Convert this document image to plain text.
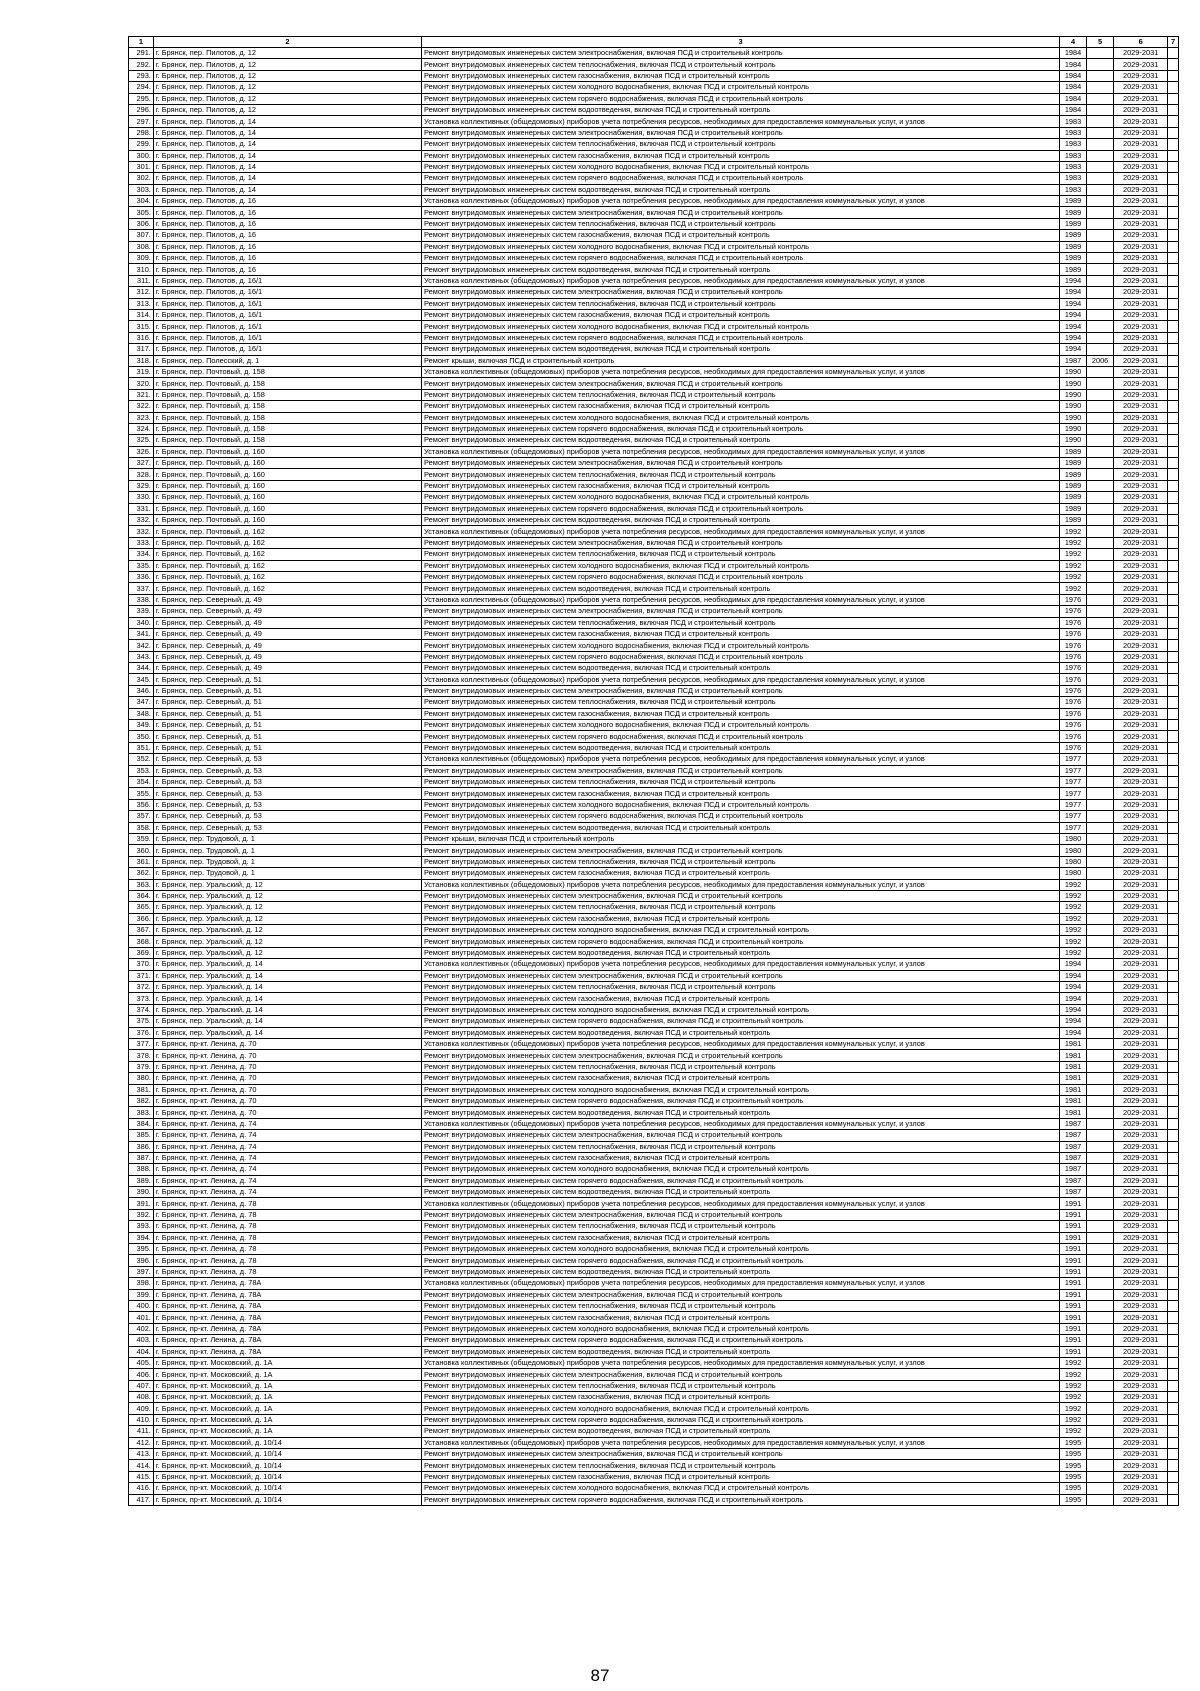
1	2	3	4	5	6	7
291.	г. Брянск, пер. Пилотов, д. 12	Ремонт внутридомовых инженерных систем электроснабжения, включая ПСД и строительный контроль	1984		2029-2031	
292.	г. Брянск, пер. Пилотов, д. 12	Ремонт внутридомовых инженерных систем теплоснабжения, включая ПСД и строительный контроль	1984		2029-2031	
293.	г. Брянск, пер. Пилотов, д. 12	Ремонт внутридомовых инженерных систем газоснабжения, включая ПСД и строительный контроль	1984		2029-2031	
294.	г. Брянск, пер. Пилотов, д. 12	Ремонт внутридомовых инженерных систем холодного водоснабжения, включая ПСД и строительный контроль	1984		2029-2031	
295.	г. Брянск, пер. Пилотов, д. 12	Ремонт внутридомовых инженерных систем горячего водоснабжения, включая ПСД и строительный контроль	1984		2029-2031	
296.	г. Брянск, пер. Пилотов, д. 12	Ремонт внутридомовых инженерных систем водоотведения, включая ПСД и строительный контроль	1984		2029-2031	
297.	г. Брянск, пер. Пилотов, д. 14	Установка коллективных (общедомовых) приборов учета потребления ресурсов, необходимых для предоставления коммунальных услуг, и узлов	1983		2029-2031	
298.	г. Брянск, пер. Пилотов, д. 14	Ремонт внутридомовых инженерных систем электроснабжения, включая ПСД и строительный контроль	1983		2029-2031	
299.	г. Брянск, пер. Пилотов, д. 14	Ремонт внутридомовых инженерных систем теплоснабжения, включая ПСД и строительный контроль	1983		2029-2031	
300.	г. Брянск, пер. Пилотов, д. 14	Ремонт внутридомовых инженерных систем газоснабжения, включая ПСД и строительный контроль	1983		2029-2031	
301.	г. Брянск, пер. Пилотов, д. 14	Ремонт внутридомовых инженерных систем холодного водоснабжения, включая ПСД и строительный контроль	1983		2029-2031	
302.	г. Брянск, пер. Пилотов, д. 14	Ремонт внутридомовых инженерных систем горячего водоснабжения, включая ПСД и строительный контроль	1983		2029-2031	
303.	г. Брянск, пер. Пилотов, д. 14	Ремонт внутридомовых инженерных систем водоотведения, включая ПСД и строительный контроль	1983		2029-2031	
304.	г. Брянск, пер. Пилотов, д. 16	Установка коллективных (общедомовых) приборов учета потребления ресурсов, необходимых для предоставления коммунальных услуг, и узлов	1989		2029-2031	
305.	г. Брянск, пер. Пилотов, д. 16	Ремонт внутридомовых инженерных систем электроснабжения, включая ПСД и строительный контроль	1989		2029-2031	
306.	г. Брянск, пер. Пилотов, д. 16	Ремонт внутридомовых инженерных систем теплоснабжения, включая ПСД и строительный контроль	1989		2029-2031	
307.	г. Брянск, пер. Пилотов, д. 16	Ремонт внутридомовых инженерных систем газоснабжения, включая ПСД и строительный контроль	1989		2029-2031	
308.	г. Брянск, пер. Пилотов, д. 16	Ремонт внутридомовых инженерных систем холодного водоснабжения, включая ПСД и строительный контроль	1989		2029-2031	
309.	г. Брянск, пер. Пилотов, д. 16	Ремонт внутридомовых инженерных систем горячего водоснабжения, включая ПСД и строительный контроль	1989		2029-2031	
310.	г. Брянск, пер. Пилотов, д. 16	Ремонт внутридомовых инженерных систем водоотведения, включая ПСД и строительный контроль	1989		2029-2031	
311.	г. Брянск, пер. Пилотов, д. 16/1	Установка коллективных (общедомовых) приборов учета потребления ресурсов, необходимых для предоставления коммунальных услуг, и узлов	1994		2029-2031	
312.	г. Брянск, пер. Пилотов, д. 16/1	Ремонт внутридомовых инженерных систем электроснабжения, включая ПСД и строительный контроль	1994		2029-2031	
313.	г. Брянск, пер. Пилотов, д. 16/1	Ремонт внутридомовых инженерных систем теплоснабжения, включая ПСД и строительный контроль	1994		2029-2031	
314.	г. Брянск, пер. Пилотов, д. 16/1	Ремонт внутридомовых инженерных систем газоснабжения, включая ПСД и строительный контроль	1994		2029-2031	
315.	г. Брянск, пер. Пилотов, д. 16/1	Ремонт внутридомовых инженерных систем холодного водоснабжения, включая ПСД и строительный контроль	1994		2029-2031	
316.	г. Брянск, пер. Пилотов, д. 16/1	Ремонт внутридомовых инженерных систем горячего водоснабжения, включая ПСД и строительный контроль	1994		2029-2031	
317.	г. Брянск, пер. Пилотов, д. 16/1	Ремонт внутридомовых инженерных систем водоотведения, включая ПСД и строительный контроль	1994		2029-2031	
318.	г. Брянск, пер. Полесский, д. 1	Ремонт крыши, включая ПСД и строительный контроль	1987	2006	2029-2031	
319.	г. Брянск, пер. Почтовый, д. 158	Установка коллективных (общедомовых) приборов учета потребления ресурсов, необходимых для предоставления коммунальных услуг, и узлов	1990		2029-2031	
320.	г. Брянск, пер. Почтовый, д. 158	Ремонт внутридомовых инженерных систем электроснабжения, включая ПСД и строительный контроль	1990		2029-2031	
321.	г. Брянск, пер. Почтовый, д. 158	Ремонт внутридомовых инженерных систем теплоснабжения, включая ПСД и строительный контроль	1990		2029-2031	
322.	г. Брянск, пер. Почтовый, д. 158	Ремонт внутридомовых инженерных систем газоснабжения, включая ПСД и строительный контроль	1990		2029-2031	
323.	г. Брянск, пер. Почтовый, д. 158	Ремонт внутридомовых инженерных систем холодного водоснабжения, включая ПСД и строительный контроль	1990		2029-2031	
324.	г. Брянск, пер. Почтовый, д. 158	Ремонт внутридомовых инженерных систем горячего водоснабжения, включая ПСД и строительный контроль	1990		2029-2031	
325.	г. Брянск, пер. Почтовый, д. 158	Ремонт внутридомовых инженерных систем водоотведения, включая ПСД и строительный контроль	1990		2029-2031	
326.	г. Брянск, пер. Почтовый, д. 160	Установка коллективных (общедомовых) приборов учета потребления ресурсов, необходимых для предоставления коммунальных услуг, и узлов	1989		2029-2031	
327.	г. Брянск, пер. Почтовый, д. 160	Ремонт внутридомовых инженерных систем электроснабжения, включая ПСД и строительный контроль	1989		2029-2031	
328.	г. Брянск, пер. Почтовый, д. 160	Ремонт внутридомовых инженерных систем теплоснабжения, включая ПСД и строительный контроль	1989		2029-2031	
329.	г. Брянск, пер. Почтовый, д. 160	Ремонт внутридомовых инженерных систем газоснабжения, включая ПСД и строительный контроль	1989		2029-2031	
330.	г. Брянск, пер. Почтовый, д. 160	Ремонт внутридомовых инженерных систем холодного водоснабжения, включая ПСД и строительный контроль	1989		2029-2031	
331.	г. Брянск, пер. Почтовый, д. 160	Ремонт внутридомовых инженерных систем горячего водоснабжения, включая ПСД и строительный контроль	1989		2029-2031	
332.	г. Брянск, пер. Почтовый, д. 160	Ремонт внутридомовых инженерных систем водоотведения, включая ПСД и строительный контроль	1989		2029-2031	
332.	г. Брянск, пер. Почтовый, д. 162	Установка коллективных (общедомовых) приборов учета потребления ресурсов, необходимых для предоставления коммунальных услуг, и узлов	1992		2029-2031	
333.	г. Брянск, пер. Почтовый, д. 162	Ремонт внутридомовых инженерных систем электроснабжения, включая ПСД и строительный контроль	1992		2029-2031	
334.	г. Брянск, пер. Почтовый, д. 162	Ремонт внутридомовых инженерных систем теплоснабжения, включая ПСД и строительный контроль	1992		2029-2031	
335.	г. Брянск, пер. Почтовый, д. 162	Ремонт внутридомовых инженерных систем холодного водоснабжения, включая ПСД и строительный контроль	1992		2029-2031	
336.	г. Брянск, пер. Почтовый, д. 162	Ремонт внутридомовых инженерных систем горячего водоснабжения, включая ПСД и строительный контроль	1992		2029-2031	
337.	г. Брянск, пер. Почтовый, д. 162	Ремонт внутридомовых инженерных систем водоотведения, включая ПСД и строительный контроль	1992		2029-2031	
338.	г. Брянск, пер. Северный, д. 49	Установка коллективных (общедомовых) приборов учета потребления ресурсов, необходимых для предоставления коммунальных услуг, и узлов	1976		2029-2031	
339.	г. Брянск, пер. Северный, д. 49	Ремонт внутридомовых инженерных систем электроснабжения, включая ПСД и строительный контроль	1976		2029-2031	
340.	г. Брянск, пер. Северный, д. 49	Ремонт внутридомовых инженерных систем теплоснабжения, включая ПСД и строительный контроль	1976		2029-2031	
341.	г. Брянск, пер. Северный, д. 49	Ремонт внутридомовых инженерных систем газоснабжения, включая ПСД и строительный контроль	1976		2029-2031	
342.	г. Брянск, пер. Северный, д. 49	Ремонт внутридомовых инженерных систем холодного водоснабжения, включая ПСД и строительный контроль	1976		2029-2031	
343.	г. Брянск, пер. Северный, д. 49	Ремонт внутридомовых инженерных систем горячего водоснабжения, включая ПСД и строительный контроль	1976		2029-2031	
344.	г. Брянск, пер. Северный, д. 49	Ремонт внутридомовых инженерных систем водоотведения, включая ПСД и строительный контроль	1976		2029-2031	
345.	г. Брянск, пер. Северный, д. 51	Установка коллективных (общедомовых) приборов учета потребления ресурсов, необходимых для предоставления коммунальных услуг, и узлов	1976		2029-2031	
346.	г. Брянск, пер. Северный, д. 51	Ремонт внутридомовых инженерных систем электроснабжения, включая ПСД и строительный контроль	1976		2029-2031	
347.	г. Брянск, пер. Северный, д. 51	Ремонт внутридомовых инженерных систем теплоснабжения, включая ПСД и строительный контроль	1976		2029-2031	
348.	г. Брянск, пер. Северный, д. 51	Ремонт внутридомовых инженерных систем газоснабжения, включая ПСД и строительный контроль	1976		2029-2031	
349.	г. Брянск, пер. Северный, д. 51	Ремонт внутридомовых инженерных систем холодного водоснабжения, включая ПСД и строительный контроль	1976		2029-2031	
350.	г. Брянск, пер. Северный, д. 51	Ремонт внутридомовых инженерных систем горячего водоснабжения, включая ПСД и строительный контроль	1976		2029-2031	
351.	г. Брянск, пер. Северный, д. 51	Ремонт внутридомовых инженерных систем водоотведения, включая ПСД и строительный контроль	1976		2029-2031	
352.	г. Брянск, пер. Северный, д. 53	Установка коллективных (общедомовых) приборов учета потребления ресурсов, необходимых для предоставления коммунальных услуг, и узлов	1977		2029-2031	
353.	г. Брянск, пер. Северный, д. 53	Ремонт внутридомовых инженерных систем электроснабжения, включая ПСД и строительный контроль	1977		2029-2031	
354.	г. Брянск, пер. Северный, д. 53	Ремонт внутридомовых инженерных систем теплоснабжения, включая ПСД и строительный контроль	1977		2029-2031	
355.	г. Брянск, пер. Северный, д. 53	Ремонт внутридомовых инженерных систем газоснабжения, включая ПСД и строительный контроль	1977		2029-2031	
356.	г. Брянск, пер. Северный, д. 53	Ремонт внутридомовых инженерных систем холодного водоснабжения, включая ПСД и строительный контроль	1977		2029-2031	
357.	г. Брянск, пер. Северный, д. 53	Ремонт внутридомовых инженерных систем горячего водоснабжения, включая ПСД и строительный контроль	1977		2029-2031	
358.	г. Брянск, пер. Северный, д. 53	Ремонт внутридомовых инженерных систем водоотведения, включая ПСД и строительный контроль	1977		2029-2031	
359.	г. Брянск, пер. Трудовой, д. 1	Ремонт крыши, включая ПСД и строительный контроль	1980		2029-2031	
360.	г. Брянск, пер. Трудовой, д. 1	Ремонт внутридомовых инженерных систем электроснабжения, включая ПСД и строительный контроль	1980		2029-2031	
361.	г. Брянск, пер. Трудовой, д. 1	Ремонт внутридомовых инженерных систем теплоснабжения, включая ПСД и строительный контроль	1980		2029-2031	
362.	г. Брянск, пер. Трудовой, д. 1	Ремонт внутридомовых инженерных систем газоснабжения, включая ПСД и строительный контроль	1980		2029-2031	
363.	г. Брянск, пер. Уральский, д. 12	Установка коллективных (общедомовых) приборов учета потребления ресурсов, необходимых для предоставления коммунальных услуг, и узлов	1992		2029-2031	
364.	г. Брянск, пер. Уральский, д. 12	Ремонт внутридомовых инженерных систем электроснабжения, включая ПСД и строительный контроль	1992		2029-2031	
365.	г. Брянск, пер. Уральский, д. 12	Ремонт внутридомовых инженерных систем теплоснабжения, включая ПСД и строительный контроль	1992		2029-2031	
366.	г. Брянск, пер. Уральский, д. 12	Ремонт внутридомовых инженерных систем газоснабжения, включая ПСД и строительный контроль	1992		2029-2031	
367.	г. Брянск, пер. Уральский, д. 12	Ремонт внутридомовых инженерных систем холодного водоснабжения, включая ПСД и строительный контроль	1992		2029-2031	
368.	г. Брянск, пер. Уральский, д. 12	Ремонт внутридомовых инженерных систем горячего водоснабжения, включая ПСД и строительный контроль	1992		2029-2031	
369.	г. Брянск, пер. Уральский, д. 12	Ремонт внутридомовых инженерных систем водоотведения, включая ПСД и строительный контроль	1992		2029-2031	
370.	г. Брянск, пер. Уральский, д. 14	Установка коллективных (общедомовых) приборов учета потребления ресурсов, необходимых для предоставления коммунальных услуг, и узлов	1994		2029-2031	
371.	г. Брянск, пер. Уральский, д. 14	Ремонт внутридомовых инженерных систем электроснабжения, включая ПСД и строительный контроль	1994		2029-2031	
372.	г. Брянск, пер. Уральский, д. 14	Ремонт внутридомовых инженерных систем теплоснабжения, включая ПСД и строительный контроль	1994		2029-2031	
373.	г. Брянск, пер. Уральский, д. 14	Ремонт внутридомовых инженерных систем газоснабжения, включая ПСД и строительный контроль	1994		2029-2031	
374.	г. Брянск, пер. Уральский, д. 14	Ремонт внутридомовых инженерных систем холодного водоснабжения, включая ПСД и строительный контроль	1994		2029-2031	
375.	г. Брянск, пер. Уральский, д. 14	Ремонт внутридомовых инженерных систем горячего водоснабжения, включая ПСД и строительный контроль	1994		2029-2031	
376.	г. Брянск, пер. Уральский, д. 14	Ремонт внутридомовых инженерных систем водоотведения, включая ПСД и строительный контроль	1994		2029-2031	
377.	г. Брянск, пр-кт. Ленина, д. 70	Установка коллективных (общедомовых) приборов учета потребления ресурсов, необходимых для предоставления коммунальных услуг, и узлов	1981		2029-2031	
378.	г. Брянск, пр-кт. Ленина, д. 70	Ремонт внутридомовых инженерных систем электроснабжения, включая ПСД и строительный контроль	1981		2029-2031	
379.	г. Брянск, пр-кт. Ленина, д. 70	Ремонт внутридомовых инженерных систем теплоснабжения, включая ПСД и строительный контроль	1981		2029-2031	
380.	г. Брянск, пр-кт. Ленина, д. 70	Ремонт внутридомовых инженерных систем газоснабжения, включая ПСД и строительный контроль	1981		2029-2031	
381.	г. Брянск, пр-кт. Ленина, д. 70	Ремонт внутридомовых инженерных систем холодного водоснабжения, включая ПСД и строительный контроль	1981		2029-2031	
382.	г. Брянск, пр-кт. Ленина, д. 70	Ремонт внутридомовых инженерных систем горячего водоснабжения, включая ПСД и строительный контроль	1981		2029-2031	
383.	г. Брянск, пр-кт. Ленина, д. 70	Ремонт внутридомовых инженерных систем водоотведения, включая ПСД и строительный контроль	1981		2029-2031	
384.	г. Брянск, пр-кт. Ленина, д. 74	Установка коллективных (общедомовых) приборов учета потребления ресурсов, необходимых для предоставления коммунальных услуг, и узлов	1987		2029-2031	
385.	г. Брянск, пр-кт. Ленина, д. 74	Ремонт внутридомовых инженерных систем электроснабжения, включая ПСД и строительный контроль	1987		2029-2031	
386.	г. Брянск, пр-кт. Ленина, д. 74	Ремонт внутридомовых инженерных систем теплоснабжения, включая ПСД и строительный контроль	1987		2029-2031	
387.	г. Брянск, пр-кт. Ленина, д. 74	Ремонт внутридомовых инженерных систем газоснабжения, включая ПСД и строительный контроль	1987		2029-2031	
388.	г. Брянск, пр-кт. Ленина, д. 74	Ремонт внутридомовых инженерных систем холодного водоснабжения, включая ПСД и строительный контроль	1987		2029-2031	
389.	г. Брянск, пр-кт. Ленина, д. 74	Ремонт внутридомовых инженерных систем горячего водоснабжения, включая ПСД и строительный контроль	1987		2029-2031	
390.	г. Брянск, пр-кт. Ленина, д. 74	Ремонт внутридомовых инженерных систем водоотведения, включая ПСД и строительный контроль	1987		2029-2031	
391.	г. Брянск, пр-кт. Ленина, д. 78	Установка коллективных (общедомовых) приборов учета потребления ресурсов, необходимых для предоставления коммунальных услуг, и узлов	1991		2029-2031	
392.	г. Брянск, пр-кт. Ленина, д. 78	Ремонт внутридомовых инженерных систем электроснабжения, включая ПСД и строительный контроль	1991		2029-2031	
393.	г. Брянск, пр-кт. Ленина, д. 78	Ремонт внутридомовых инженерных систем теплоснабжения, включая ПСД и строительный контроль	1991		2029-2031	
394.	г. Брянск, пр-кт. Ленина, д. 78	Ремонт внутридомовых инженерных систем газоснабжения, включая ПСД и строительный контроль	1991		2029-2031	
395.	г. Брянск, пр-кт. Ленина, д. 78	Ремонт внутридомовых инженерных систем холодного водоснабжения, включая ПСД и строительный контроль	1991		2029-2031	
396.	г. Брянск, пр-кт. Ленина, д. 78	Ремонт внутридомовых инженерных систем горячего водоснабжения, включая ПСД и строительный контроль	1991		2029-2031	
397.	г. Брянск, пр-кт. Ленина, д. 78	Ремонт внутридомовых инженерных систем водоотведения, включая ПСД и строительный контроль	1991		2029-2031	
398.	г. Брянск, пр-кт. Ленина, д. 78А	Установка коллективных (общедомовых) приборов учета потребления ресурсов, необходимых для предоставления коммунальных услуг, и узлов	1991		2029-2031	
399.	г. Брянск, пр-кт. Ленина, д. 78А	Ремонт внутридомовых инженерных систем электроснабжения, включая ПСД и строительный контроль	1991		2029-2031	
400.	г. Брянск, пр-кт. Ленина, д. 78А	Ремонт внутридомовых инженерных систем теплоснабжения, включая ПСД и строительный контроль	1991		2029-2031	
401.	г. Брянск, пр-кт. Ленина, д. 78А	Ремонт внутридомовых инженерных систем газоснабжения, включая ПСД и строительный контроль	1991		2029-2031	
402.	г. Брянск, пр-кт. Ленина, д. 78А	Ремонт внутридомовых инженерных систем холодного водоснабжения, включая ПСД и строительный контроль	1991		2029-2031	
403.	г. Брянск, пр-кт. Ленина, д. 78А	Ремонт внутридомовых инженерных систем горячего водоснабжения, включая ПСД и строительный контроль	1991		2029-2031	
404.	г. Брянск, пр-кт. Ленина, д. 78А	Ремонт внутридомовых инженерных систем водоотведения, включая ПСД и строительный контроль	1991		2029-2031	
405.	г. Брянск, пр-кт. Московский, д. 1А	Установка коллективных (общедомовых) приборов учета потребления ресурсов, необходимых для предоставления коммунальных услуг, и узлов	1992		2029-2031	
406.	г. Брянск, пр-кт. Московский, д. 1А	Ремонт внутридомовых инженерных систем электроснабжения, включая ПСД и строительный контроль	1992		2029-2031	
407.	г. Брянск, пр-кт. Московский, д. 1А	Ремонт внутридомовых инженерных систем теплоснабжения, включая ПСД и строительный контроль	1992		2029-2031	
408.	г. Брянск, пр-кт. Московский, д. 1А	Ремонт внутридомовых инженерных систем газоснабжения, включая ПСД и строительный контроль	1992		2029-2031	
409.	г. Брянск, пр-кт. Московский, д. 1А	Ремонт внутридомовых инженерных систем холодного водоснабжения, включая ПСД и строительный контроль	1992		2029-2031	
410.	г. Брянск, пр-кт. Московский, д. 1А	Ремонт внутридомовых инженерных систем горячего водоснабжения, включая ПСД и строительный контроль	1992		2029-2031	
411.	г. Брянск, пр-кт. Московский, д. 1А	Ремонт внутридомовых инженерных систем водоотведения, включая ПСД и строительный контроль	1992		2029-2031	
412.	г. Брянск, пр-кт. Московский, д. 10/14	Установка коллективных (общедомовых) приборов учета потребления ресурсов, необходимых для предоставления коммунальных услуг, и узлов	1995		2029-2031	
413.	г. Брянск, пр-кт. Московский, д. 10/14	Ремонт внутридомовых инженерных систем электроснабжения, включая ПСД и строительный контроль	1995		2029-2031	
414.	г. Брянск, пр-кт. Московский, д. 10/14	Ремонт внутридомовых инженерных систем теплоснабжения, включая ПСД и строительный контроль	1995		2029-2031	
415.	г. Брянск, пр-кт. Московский, д. 10/14	Ремонт внутридомовых инженерных систем газоснабжения, включая ПСД и строительный контроль	1995		2029-2031	
416.	г. Брянск, пр-кт. Московский, д. 10/14	Ремонт внутридомовых инженерных систем холодного водоснабжения, включая ПСД и строительный контроль	1995		2029-2031	
417.	г. Брянск, пр-кт. Московский, д. 10/14	Ремонт внутридомовых инженерных систем горячего водоснабжения, включая ПСД и строительный контроль	1995		2029-2031	
87
